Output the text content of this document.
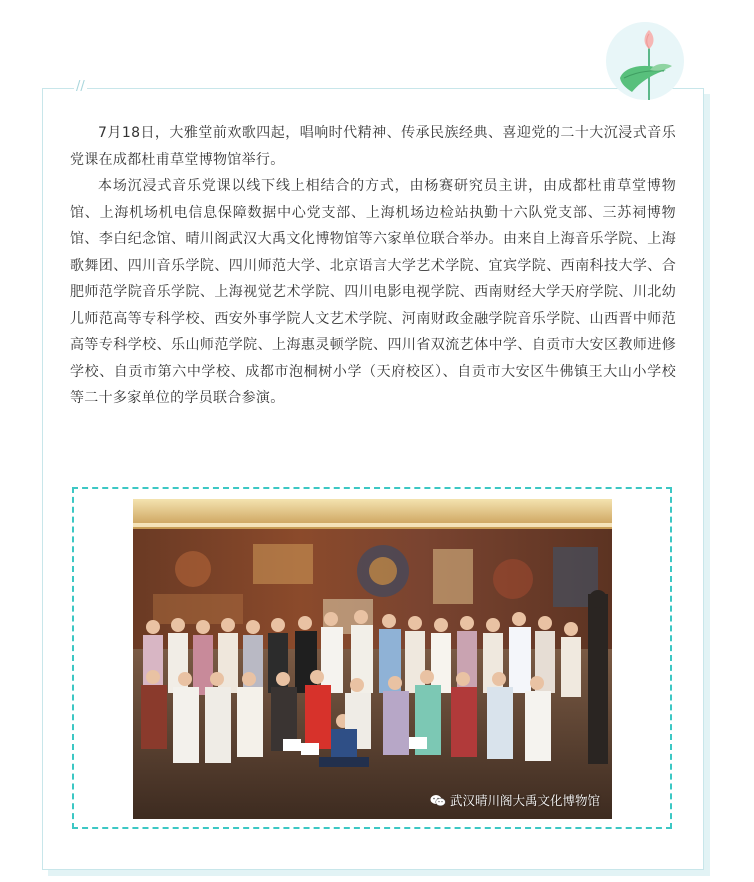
//

7月18日，大雅堂前欢歌四起，唱响时代精神、传承民族经典、喜迎党的二十大沉浸式音乐党课在成都杜甫草堂博物馆举行。

本场沉浸式音乐党课以线下线上相结合的方式，由杨赛研究员主讲，由成都杜甫草堂博物馆、上海机场机电信息保障数据中心党支部、上海机场边检站执勤十六队党支部、三苏祠博物馆、李白纪念馆、晴川阁武汉大禹文化博物馆等六家单位联合举办。由来自上海音乐学院、上海歌舞团、四川音乐学院、四川师范大学、北京语言大学艺术学院、宜宾学院、西南科技大学、合肥师范学院音乐学院、上海视觉艺术学院、四川电影电视学院、西南财经大学天府学院、川北幼儿师范高等专科学校、西安外事学院人文艺术学院、河南财政金融学院音乐学院、山西晋中师范高等专科学校、乐山师范学院、上海惠灵顿学院、四川省双流艺体中学、自贡市大安区教师进修学校、自贡市第六中学校、成都市泡桐树小学（天府校区）、自贡市大安区牛佛镇王大山小学校等二十多家单位的学员联合参演。

武汉晴川阁大禹文化博物馆
